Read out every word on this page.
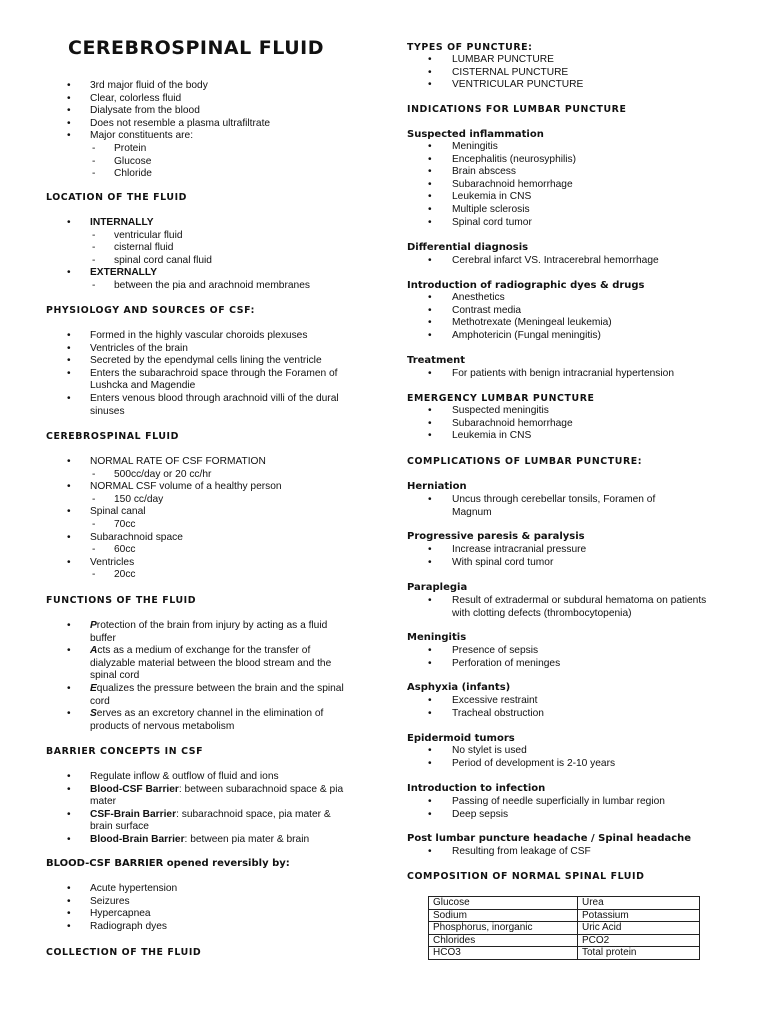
CEREBROSPINAL FLUID
• 3rd major fluid of the body
• Clear, colorless fluid
• Dialysate from the blood
• Does not resemble a plasma ultrafiltrate
• Major constituents are:
- Protein
- Glucose
- Chloride
LOCATION OF THE FLUID
• INTERNALLY
- ventricular fluid
- cisternal fluid
- spinal cord canal fluid
• EXTERNALLY
- between the pia and arachnoid membranes
PHYSIOLOGY AND SOURCES OF CSF:
• Formed in the highly vascular choroids plexuses
• Ventricles of the brain
• Secreted by the ependymal cells lining the ventricle
• Enters the subarachroid space through the Foramen of Lushcka and Magendie
• Enters venous blood through arachnoid villi of the dural sinuses
CEREBROSPINAL FLUID
• NORMAL RATE OF CSF FORMATION
- 500cc/day or 20 cc/hr
• NORMAL CSF volume of a healthy person
- 150 cc/day
• Spinal canal
- 70cc
• Subarachnoid space
- 60cc
• Ventricles
- 20cc
FUNCTIONS OF THE FLUID
• Protection of the brain from injury by acting as a fluid buffer
• Acts as a medium of exchange for the transfer of dialyzable material between the blood stream and the spinal cord
• Equalizes the pressure between the brain and the spinal cord
• Serves as an excretory channel in the elimination of products of nervous metabolism
BARRIER CONCEPTS IN CSF
• Regulate inflow & outflow of fluid and ions
• Blood-CSF Barrier: between subarachnoid space & pia mater
• CSF-Brain Barrier: subarachnoid space, pia mater & brain surface
• Blood-Brain Barrier: between pia mater & brain
BLOOD-CSF BARRIER opened reversibly by:
• Acute hypertension
• Seizures
• Hypercapnea
• Radiograph dyes
COLLECTION OF THE FLUID
TYPES OF PUNCTURE:
• LUMBAR PUNCTURE
• CISTERNAL PUNCTURE
• VENTRICULAR PUNCTURE
INDICATIONS FOR LUMBAR PUNCTURE
Suspected inflammation
• Meningitis
• Encephalitis (neurosyphilis)
• Brain abscess
• Subarachnoid hemorrhage
• Leukemia in CNS
• Multiple sclerosis
• Spinal cord tumor
Differential diagnosis
• Cerebral infarct VS. Intracerebral hemorrhage
Introduction of radiographic dyes & drugs
• Anesthetics
• Contrast media
• Methotrexate (Meningeal leukemia)
• Amphotericin (Fungal meningitis)
Treatment
• For patients with benign intracranial hypertension
EMERGENCY LUMBAR PUNCTURE
• Suspected meningitis
• Subarachnoid hemorrhage
• Leukemia in CNS
COMPLICATIONS OF LUMBAR PUNCTURE:
Herniation
• Uncus through cerebellar tonsils, Foramen of Magnum
Progressive paresis & paralysis
• Increase intracranial pressure
• With spinal cord tumor
Paraplegia
• Result of extradermal or subdural hematoma on patients with clotting defects (thrombocytopenia)
Meningitis
• Presence of sepsis
• Perforation of meninges
Asphyxia (infants)
• Excessive restraint
• Tracheal obstruction
Epidermoid tumors
• No stylet is used
• Period of development is 2-10 years
Introduction to infection
• Passing of needle superficially in lumbar region
• Deep sepsis
Post lumbar puncture headache / Spinal headache
• Resulting from leakage of CSF
COMPOSITION OF NORMAL SPINAL FLUID
Glucose	Urea
Sodium	Potassium
Phosphorus, inorganic	Uric Acid
Chlorides	PCO2
HCO3	Total protein
